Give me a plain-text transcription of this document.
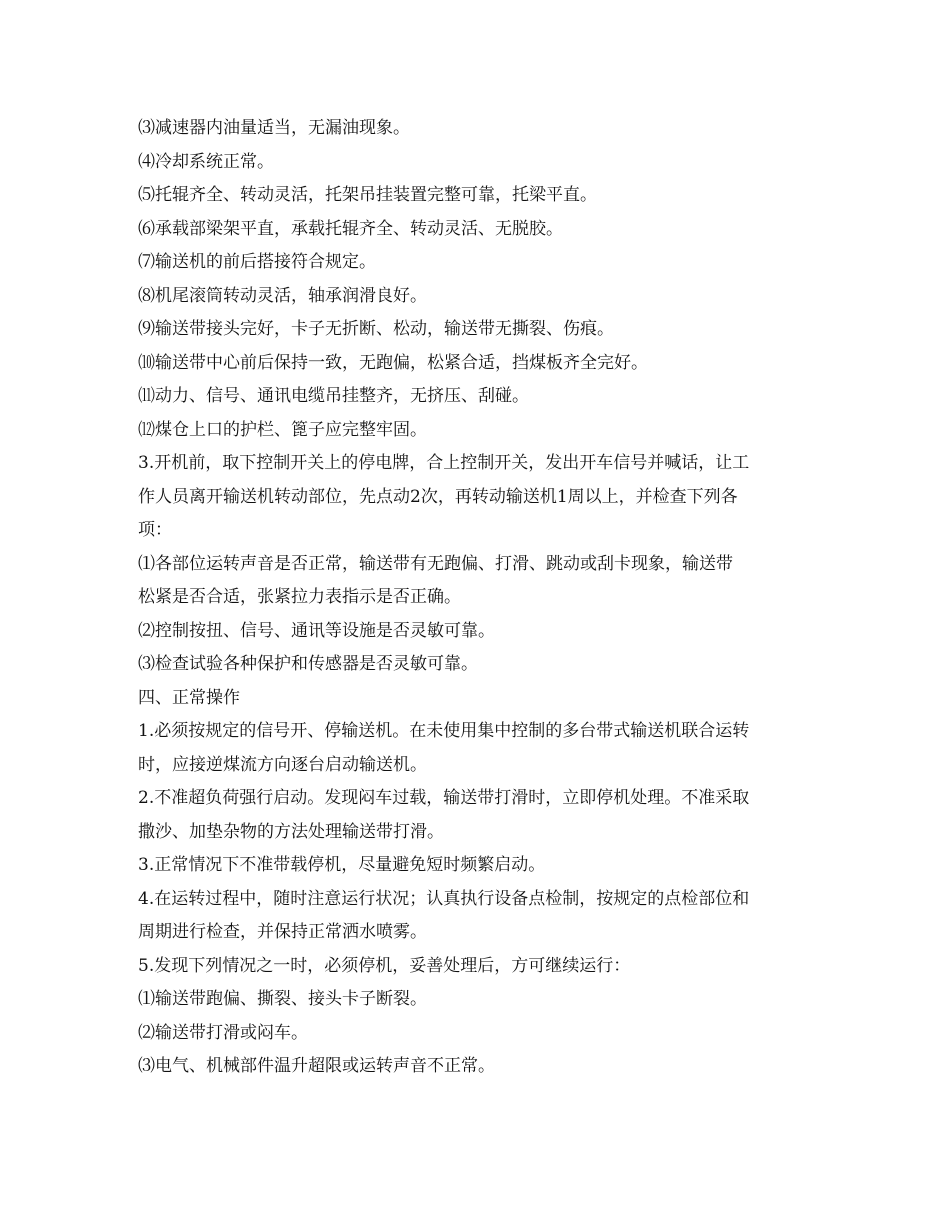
⑶减速器内油量适当，无漏油现象。

⑷冷却系统正常。

⑸托辊齐全、转动灵活，托架吊挂装置完整可靠，托梁平直。

⑹承载部梁架平直，承载托辊齐全、转动灵活、无脱胶。

⑺输送机的前后搭接符合规定。

⑻机尾滚筒转动灵活，轴承润滑良好。

⑼输送带接头完好，卡子无折断、松动，输送带无撕裂、伤痕。

⑽输送带中心前后保持一致，无跑偏，松紧合适，挡煤板齐全完好。

⑾动力、信号、通讯电缆吊挂整齐，无挤压、刮碰。

⑿煤仓上口的护栏、篦子应完整牢固。

3.开机前，取下控制开关上的停电牌，合上控制开关，发出开车信号并喊话，让工

作人员离开输送机转动部位，先点动2次，再转动输送机1周以上，并检查下列各

项：

⑴各部位运转声音是否正常，输送带有无跑偏、打滑、跳动或刮卡现象，输送带

松紧是否合适，张紧拉力表指示是否正确。

⑵控制按扭、信号、通讯等设施是否灵敏可靠。

⑶检查试验各种保护和传感器是否灵敏可靠。

四、正常操作

1.必须按规定的信号开、停输送机。在未使用集中控制的多台带式输送机联合运转

时，应接逆煤流方向逐台启动输送机。

2.不准超负荷强行启动。发现闷车过载，输送带打滑时，立即停机处理。不准采取

撒沙、加垫杂物的方法处理输送带打滑。

3.正常情况下不准带载停机，尽量避免短时频繁启动。

4.在运转过程中，随时注意运行状况；认真执行设备点检制，按规定的点检部位和

周期进行检查，并保持正常洒水喷雾。

5.发现下列情况之一时，必须停机，妥善处理后，方可继续运行：

⑴输送带跑偏、撕裂、接头卡子断裂。

⑵输送带打滑或闷车。

⑶电气、机械部件温升超限或运转声音不正常。
